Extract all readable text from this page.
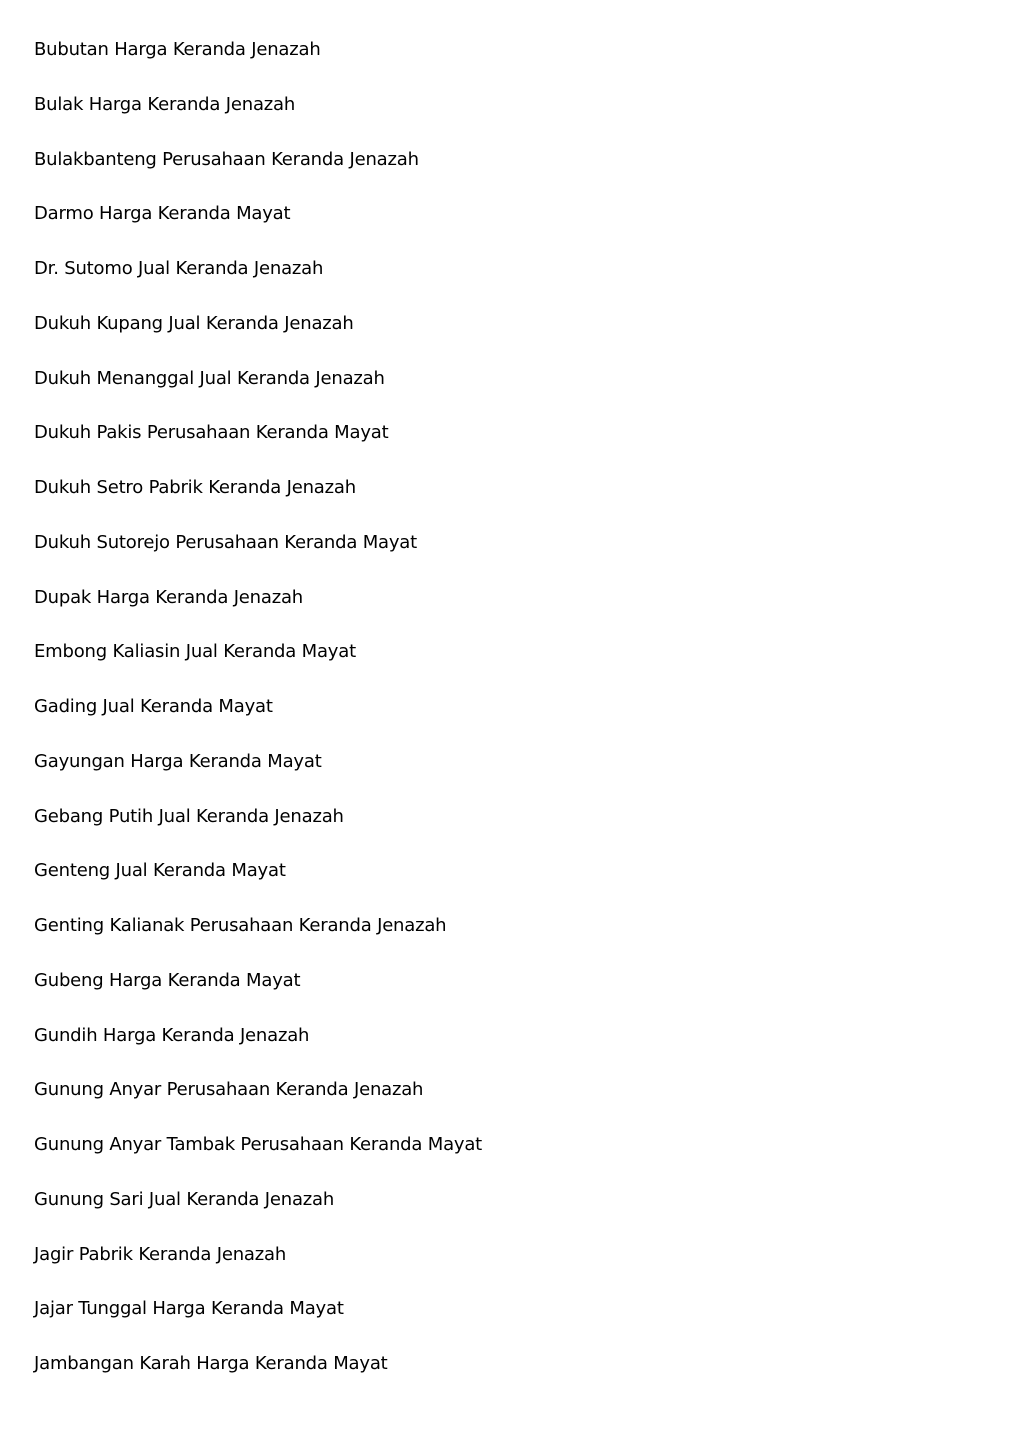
Bubutan Harga Keranda Jenazah
Bulak Harga Keranda Jenazah
Bulakbanteng Perusahaan Keranda Jenazah
Darmo Harga Keranda Mayat
Dr. Sutomo Jual Keranda Jenazah
Dukuh Kupang Jual Keranda Jenazah
Dukuh Menanggal Jual Keranda Jenazah
Dukuh Pakis Perusahaan Keranda Mayat
Dukuh Setro Pabrik Keranda Jenazah
Dukuh Sutorejo Perusahaan Keranda Mayat
Dupak Harga Keranda Jenazah
Embong Kaliasin Jual Keranda Mayat
Gading Jual Keranda Mayat
Gayungan Harga Keranda Mayat
Gebang Putih Jual Keranda Jenazah
Genteng Jual Keranda Mayat
Genting Kalianak Perusahaan Keranda Jenazah
Gubeng Harga Keranda Mayat
Gundih Harga Keranda Jenazah
Gunung Anyar Perusahaan Keranda Jenazah
Gunung Anyar Tambak Perusahaan Keranda Mayat
Gunung Sari Jual Keranda Jenazah
Jagir Pabrik Keranda Jenazah
Jajar Tunggal Harga Keranda Mayat
Jambangan Karah Harga Keranda Mayat
